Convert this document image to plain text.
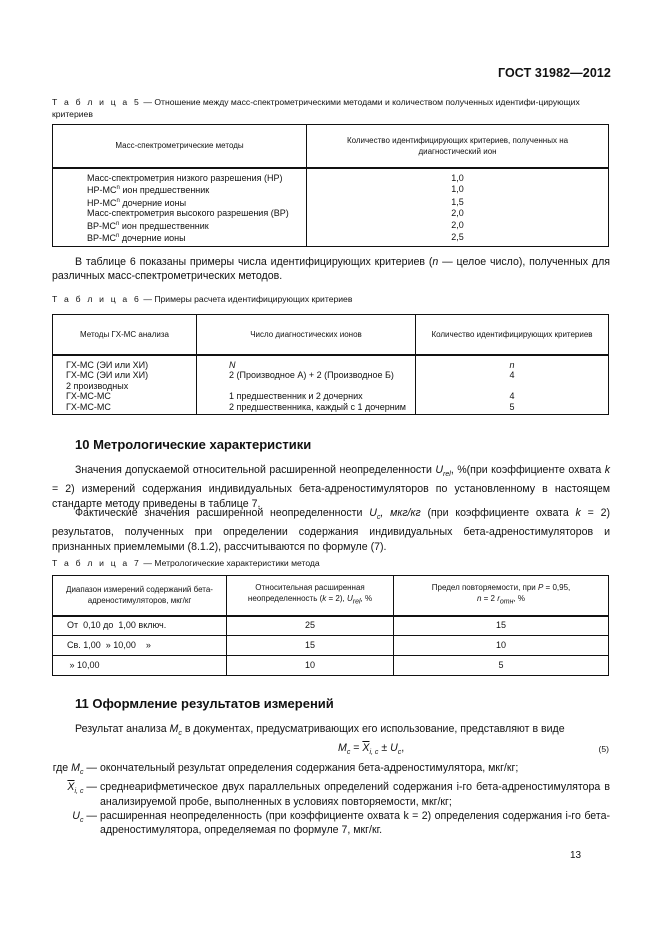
ГОСТ 31982—2012
Т а б л и ц а 5 — Отношение между масс-спектрометрическими методами и количеством полученных идентифи-цирующих критериев
Масс-спектрометрические методы	Количество идентифицирующих критериев, полученных на диагностический ион
Масс-спектрометрия низкого разрешения (НР)	1,0
$НР-МС^n$ ион предшественник	1,0
$НР-МС^n$ дочерние ионы	1,5
Масс-спектрометрия высокого разрешения (ВР)	2,0
$ВР-МС^n$ ион предшественник	2,0
$ВР-МС^n$ дочерние ионы	2,5
В таблице 6 показаны примеры числа идентифицирующих критериев (n — целое число), полученных для различных масс-спектрометрических методов.
Т а б л и ц а 6 — Примеры расчета идентифицирующих критериев
Методы ГХ-МС анализа	Число диагностических ионов	Количество идентифицирующих критериев
ГХ-МС (ЭИ или ХИ)	N	n
ГХ-МС (ЭИ или ХИ)	2 (Производное А) + 2 (Производное Б)	4
2 производных		
ГХ-МС-МС	1 предшественник и 2 дочерних	4
ГХ-МС-МС	2 предшественника, каждый с 1 дочерним	5
10 Метрологические характеристики
Значения допускаемой относительной расширенной неопределенности $U_{rel}$, %(при коэффициенте охвата k = 2) измерений содержания индивидуальных бета-адреностимуляторов по установленному в настоящем стандарте методу приведены в таблице 7.
Фактические значения расширенной неопределенности $U_c$, мкг/кг (при коэффициенте охвата k = 2) результатов, полученных при определении содержания индивидуальных бета-адреностимуляторов и признанных приемлемыми (8.1.2), рассчитываются по формуле (7).
Т а б л и ц а 7 — Метрологические характеристики метода
Диапазон измерений содержаний бета-адреностимуляторов, мкг/кг	Относительная расширенная неопределенность (k = 2), $U_{rel}$, %	Предел повторяемости, при P = 0,95,
n = 2 $r_{отн}$, %
От  0,10 до  1,00 включ.	25	15
Св. 1,00  » 10,00    »	15	10
» 10,00	10	5
11 Оформление результатов измерений
Результат анализа $M_c$ в документах, предусматривающих его использование, представляют в виде
$M_c = \overline{X}_{i, c} \pm U_c$,	(5)
где $M_c$ — окончательный результат определения содержания бета-адреностимулятора, мкг/кг;
$\overline{X}_{i, c}$ — среднеарифметическое двух параллельных определений содержания i-го бета-адреностимулятора в анализируемой пробе, выполненных в условиях повторяемости, мкг/кг;
$U_c$ — расширенная неопределенность (при коэффициенте охвата k = 2) определения содержания i-го бета-адреностимулятора, определяемая по формуле 7, мкг/кг.
13
